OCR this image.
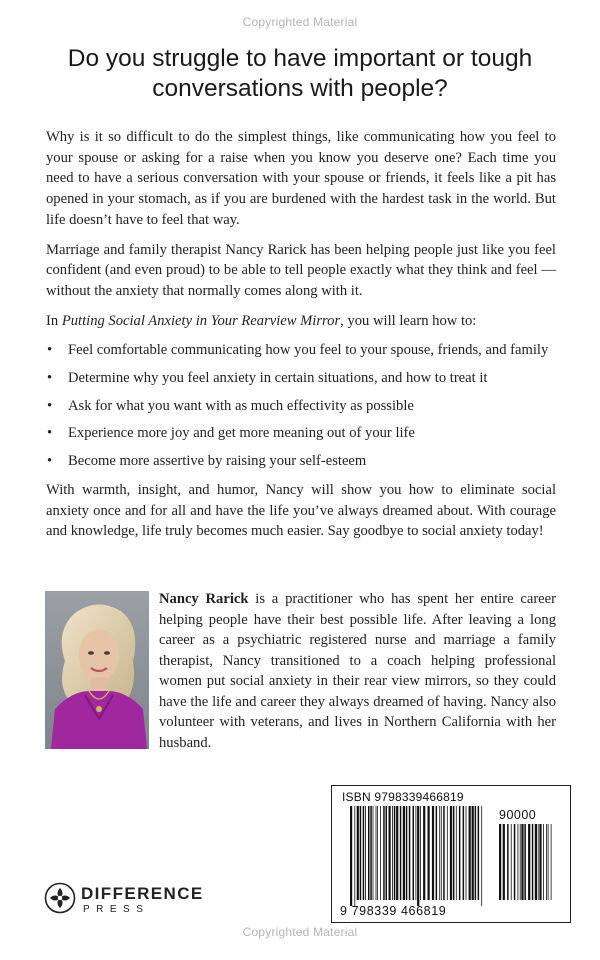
Copyrighted Material
Do you struggle to have important or tough conversations with people?

Why is it so difficult to do the simplest things, like communicating how you feel to your spouse or asking for a raise when you know you deserve one? Each time you need to have a serious conversation with your spouse or friends, it feels like a pit has opened in your stomach, as if you are burdened with the hardest task in the world. But life doesn’t have to feel that way.

Marriage and family therapist Nancy Rarick has been helping people just like you feel confident (and even proud) to be able to tell people exactly what they think and feel — without the anxiety that normally comes along with it.

In Putting Social Anxiety in Your Rearview Mirror, you will learn how to:

• Feel comfortable communicating how you feel to your spouse, friends, and family
• Determine why you feel anxiety in certain situations, and how to treat it
• Ask for what you want with as much effectivity as possible
• Experience more joy and get more meaning out of your life
• Become more assertive by raising your self-esteem

With warmth, insight, and humor, Nancy will show you how to eliminate social anxiety once and for all and have the life you’ve always dreamed about. With courage and knowledge, life truly becomes much easier. Say goodbye to social anxiety today!

Nancy Rarick is a practitioner who has spent her entire career helping people have their best possible life. After leaving a long career as a psychiatric registered nurse and marriage a family therapist, Nancy transitioned to a coach helping professional women put social anxiety in their rear view mirrors, so they could have the life and career they always dreamed of having. Nancy also volunteer with veterans, and lives in Northern California with her husband.

ISBN 9798339466819
90000
9 798339 466819
DIFFERENCE
PRESS
Copyrighted Material
